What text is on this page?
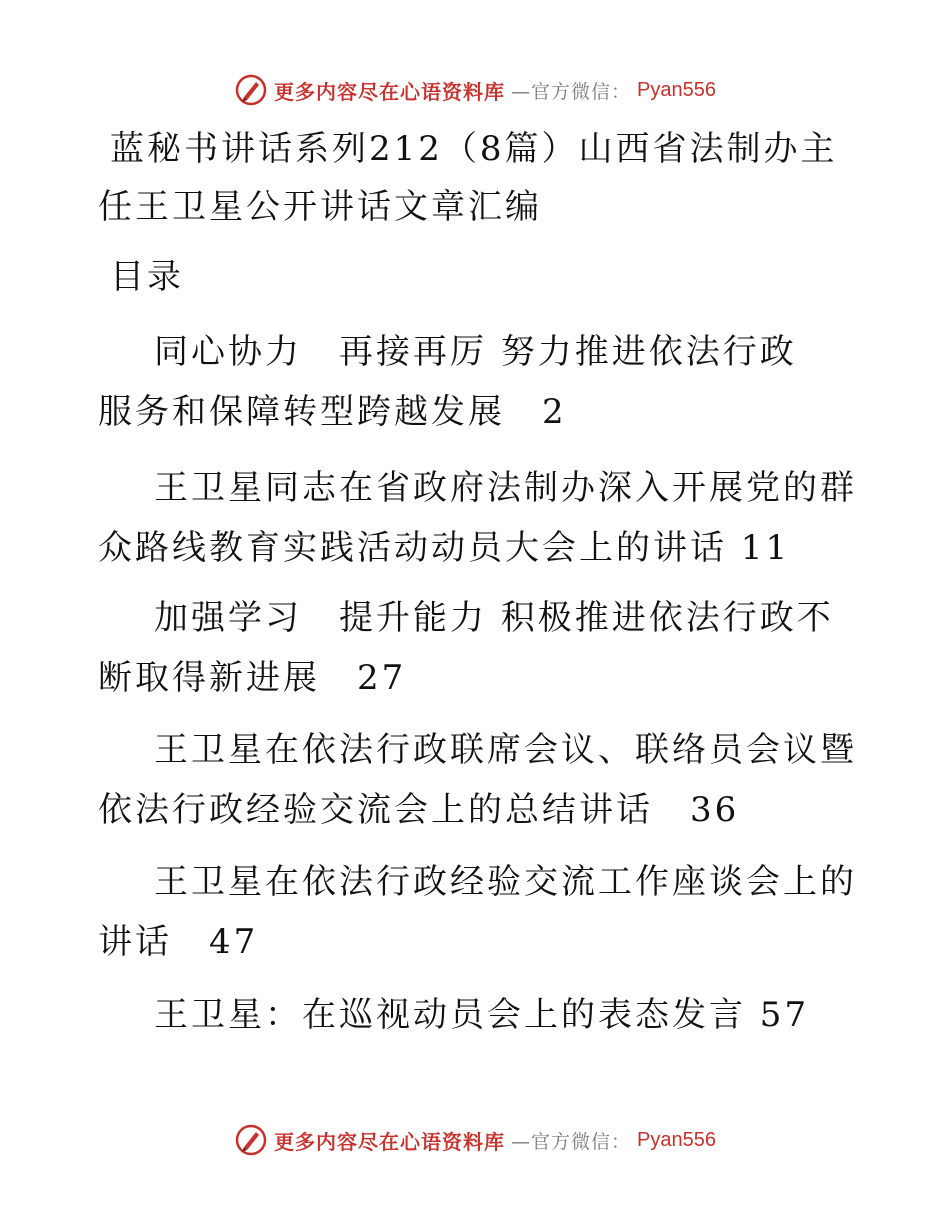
更多内容尽在心语资料库 —官方微信： Pyan556
蓝秘书讲话系列212（8篇）山西省法制办主任王卫星公开讲话文章汇编
目录
同心协力　再接再厉 努力推进依法行政　服务和保障转型跨越发展　2
王卫星同志在省政府法制办深入开展党的群众路线教育实践活动动员大会上的讲话 11
加强学习　提升能力 积极推进依法行政不断取得新进展　27
王卫星在依法行政联席会议、联络员会议暨依法行政经验交流会上的总结讲话　36
王卫星在依法行政经验交流工作座谈会上的讲话　47
王卫星：在巡视动员会上的表态发言 57
更多内容尽在心语资料库 —官方微信： Pyan556
